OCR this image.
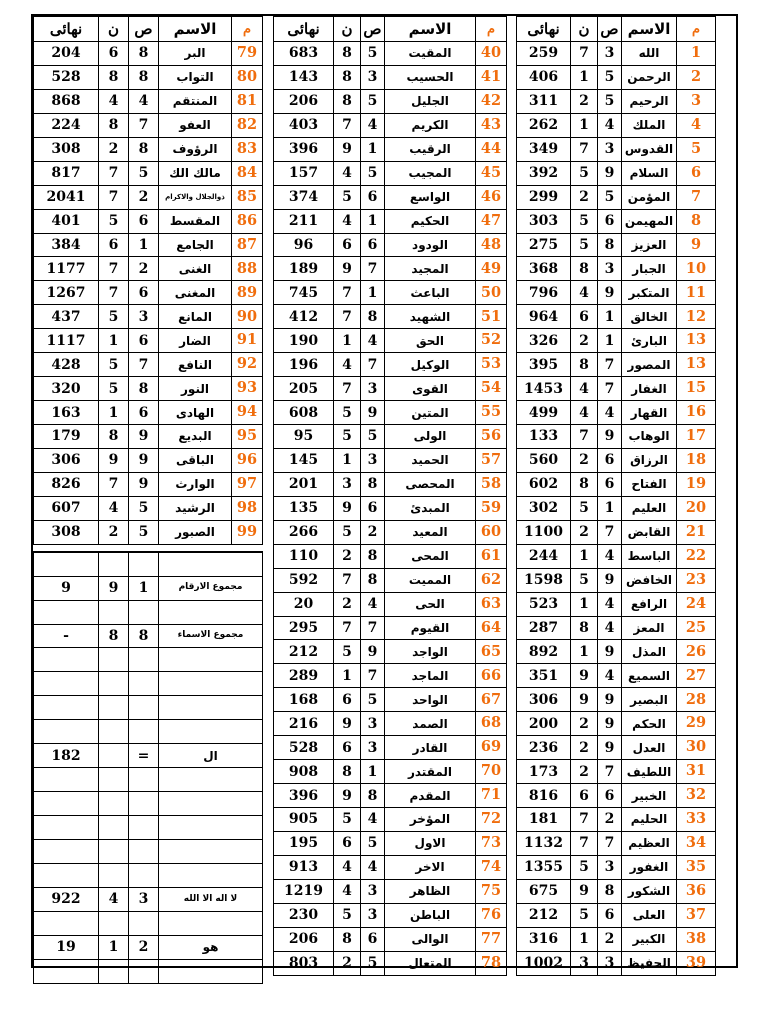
نهائى	ن	ص	الاسم	م
259	7	3	الله	1
406	1	5	الرحمن	2
311	2	5	الرحيم	3
262	1	4	الملك	4
349	7	3	القدوس	5
392	5	9	السلام	6
299	2	5	المؤمن	7
303	5	6	المهيمن	8
275	5	8	العزيز	9
368	8	3	الجبار	10
796	4	9	المتكبر	11
964	6	1	الخالق	12
326	2	1	البارئ	13
395	8	7	المصور	13
1453	4	7	الغفار	15
499	4	4	القهار	16
133	7	9	الوهاب	17
560	2	6	الرزاق	18
602	8	6	الفتاح	19
302	5	1	العليم	20
1100	2	7	القابض	21
244	1	4	الباسط	22
1598	5	9	الخافض	23
523	1	4	الرافع	24
287	8	4	المعز	25
892	1	9	المذل	26
351	9	4	السميع	27
306	9	9	البصير	28
200	2	9	الحكم	29
236	2	9	العدل	30
173	2	7	اللطيف	31
816	6	6	الخبير	32
181	7	2	الحليم	33
1132	7	7	العظيم	34
1355	5	3	الغفور	35
675	9	8	الشكور	36
212	5	6	العلى	37
316	1	2	الكبير	38
1002	3	3	الحفيظ	39
نهائى	ن	ص	الاسم	م
683	8	5	المقيت	40
143	8	3	الحسيب	41
206	8	5	الجليل	42
403	7	4	الكريم	43
396	9	1	الرقيب	44
157	4	5	المجيب	45
374	5	6	الواسع	46
211	4	1	الحكيم	47
96	6	6	الودود	48
189	9	7	المجيد	49
745	7	1	الباعث	50
412	7	8	الشهيد	51
190	1	4	الحق	52
196	4	7	الوكيل	53
205	7	3	القوى	54
608	5	9	المتين	55
95	5	5	الولى	56
145	1	3	الحميد	57
201	3	8	المحصى	58
135	9	6	المبدئ	59
266	5	2	المعيد	60
110	2	8	المحى	61
592	7	8	المميت	62
20	2	4	الحى	63
295	7	7	القيوم	64
212	5	9	الواجد	65
289	1	7	الماجد	66
168	6	5	الواحد	67
216	9	3	الصمد	68
528	6	3	القادر	69
908	8	1	المقتدر	70
396	9	8	المقدم	71
905	5	4	المؤخر	72
195	6	5	الاول	73
913	4	4	الاخر	74
1219	4	3	الظاهر	75
230	5	3	الباطن	76
206	8	6	الوالى	77
803	2	5	المتعال	78
نهائى	ن	ص	الاسم	م
204	6	8	البر	79
528	8	8	التواب	80
868	4	4	المنتقم	81
224	8	7	العفو	82
308	2	8	الرؤوف	83
817	7	5	مالك الك	84
2041	7	2	ذوالجلال والاكرام	85
401	5	6	المقسط	86
384	6	1	الجامع	87
1177	7	2	الغنى	88
1267	7	6	المغنى	89
437	5	3	المانع	90
1117	1	6	الضار	91
428	5	7	النافع	92
320	5	8	النور	93
163	1	6	الهادى	94
179	8	9	البديع	95
306	9	9	الباقى	96
826	7	9	الوارث	97
607	4	5	الرشيد	98
308	2	5	الصبور	99

9	9	1	مجموع الارقام	

-	8	8	مجموع الاسماء	

182		=	ال	

922	4	3	لا اله الا الله	

19	1	2	هو	
